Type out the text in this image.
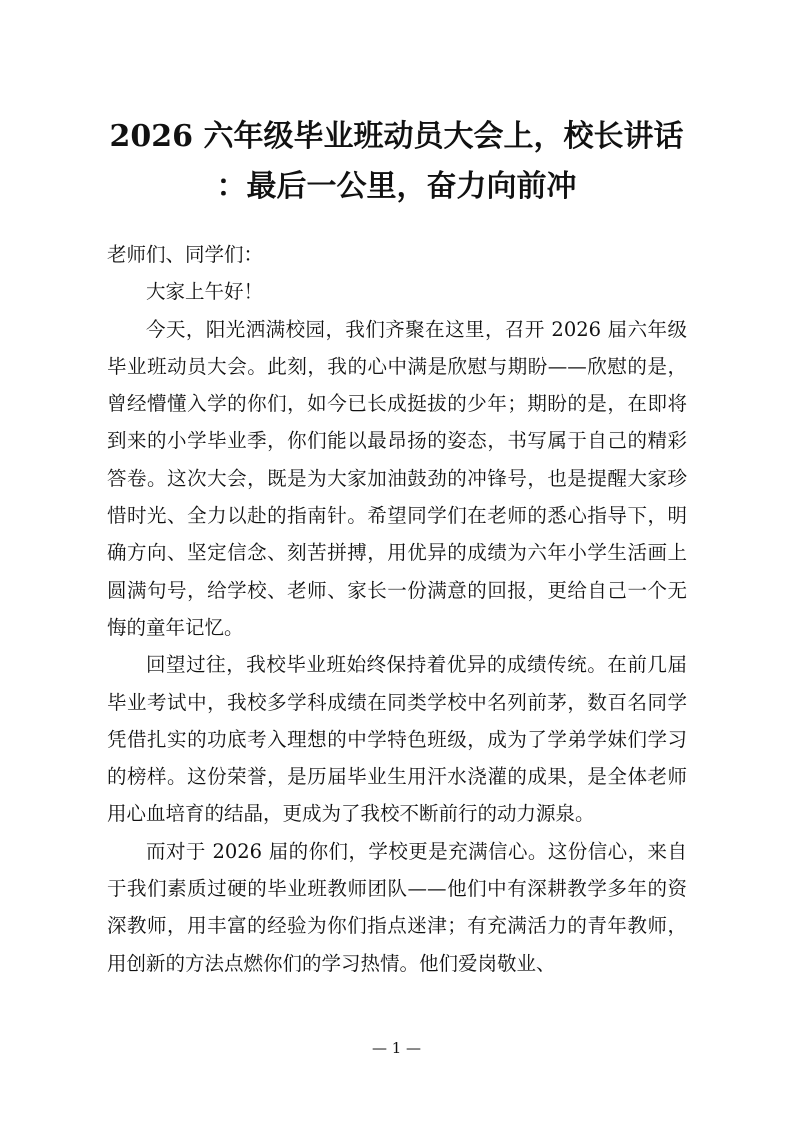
2026 六年级毕业班动员大会上，校长讲话
：最后一公里，奋力向前冲

老师们、同学们：

大家上午好！

今天，阳光洒满校园，我们齐聚在这里，召开 2026 届六年级毕业班动员大会。此刻，我的心中满是欣慰与期盼——欣慰的是，曾经懵懂入学的你们，如今已长成挺拔的少年；期盼的是，在即将到来的小学毕业季，你们能以最昂扬的姿态，书写属于自己的精彩答卷。这次大会，既是为大家加油鼓劲的冲锋号，也是提醒大家珍惜时光、全力以赴的指南针。希望同学们在老师的悉心指导下，明确方向、坚定信念、刻苦拼搏，用优异的成绩为六年小学生活画上圆满句号，给学校、老师、家长一份满意的回报，更给自己一个无悔的童年记忆。

回望过往，我校毕业班始终保持着优异的成绩传统。在前几届毕业考试中，我校多学科成绩在同类学校中名列前茅，数百名同学凭借扎实的功底考入理想的中学特色班级，成为了学弟学妹们学习的榜样。这份荣誉，是历届毕业生用汗水浇灌的成果，是全体老师用心血培育的结晶，更成为了我校不断前行的动力源泉。

而对于 2026 届的你们，学校更是充满信心。这份信心，来自于我们素质过硬的毕业班教师团队——他们中有深耕教学多年的资深教师，用丰富的经验为你们指点迷津；有充满活力的青年教师，用创新的方法点燃你们的学习热情。他们爱岗敬业、

— 1 —
